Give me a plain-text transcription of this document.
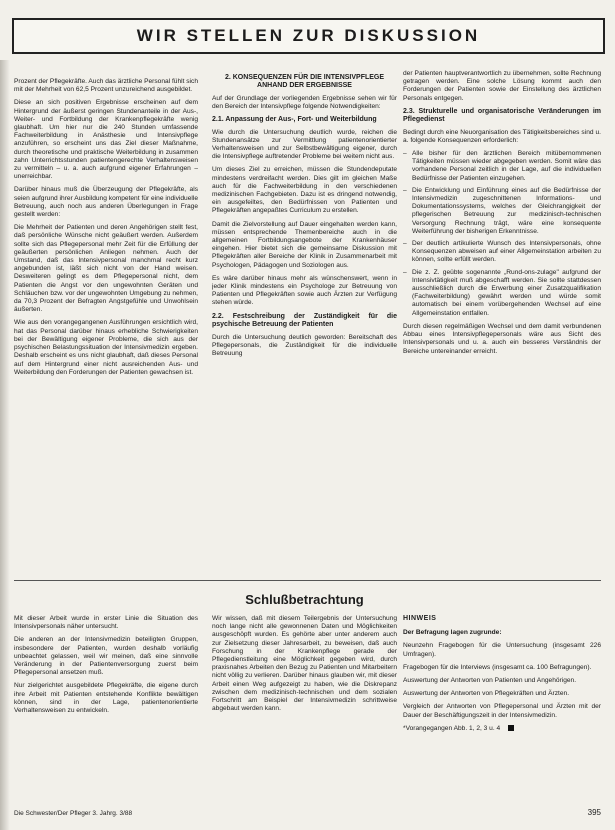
WIR STELLEN ZUR DISKUSSION

Prozent der Pflegekräfte. Auch das ärztliche Personal fühlt sich mit der Mehrheit von 62,5 Prozent unzureichend ausgebildet.

Diese an sich positiven Ergebnisse erscheinen auf dem Hintergrund der äußerst geringen Stundenanteile in der Aus-, Weiter- und Fortbildung der Krankenpflegekräfte wenig glaubhaft. Um hier nur die 240 Stunden umfassende Fachweiterbildung in Anästhesie und Intensivpflege anzuführen, so erscheint uns das Ziel dieser Maßnahme, durch theoretische und praktische Weiterbildung in zusammen zahn Unterrichtsstunden patientengerechte Verhaltensweisen zu vermitteln – u. a. auch aufgrund eigener Erfahrungen – unerreichbar.

Darüber hinaus muß die Überzeugung der Pflegekräfte, als seien aufgrund ihrer Ausbildung kompetent für eine individuelle Betreuung, auch noch aus anderen Überlegungen in Frage gestellt werden:

Die Mehrheit der Patienten und deren Angehörigen stellt fest, daß persönliche Wünsche nicht geäußert werden. Außerdem sollte sich das Pflegepersonal mehr Zeit für die Erfüllung der geäußerten persönlichen Anliegen nehmen. Auch der Umstand, daß das Intensivpersonal manchmal recht kurz angebunden ist, läßt sich nicht von der Hand weisen. Desweiteren gelingt es dem Pflegepersonal nicht, dem Patienten die Angst vor den ungewohnten Geräten und Schläuchen bzw. vor der ungewohnten Umgebung zu nehmen, da 70,3 Prozent der Befragten Angstgefühle und Unwohlsein äußerten.

Wie aus den vorangegangenen Ausführungen ersichtlich wird, hat das Personal darüber hinaus erhebliche Schwierigkeiten bei der Bewältigung eigener Probleme, die sich aus der psychischen Belastungssituation der Intensivmedizin ergeben. Deshalb erscheint es uns nicht glaubhaft, daß dieses Personal auf dem Hintergrund einer nicht ausreichenden Aus- und Weiterbildung den Forderungen der Patienten gewachsen ist.

2. KONSEQUENZEN FÜR DIE INTENSIVPFLEGE ANHAND DER ERGEBNISSE

Auf der Grundlage der vorliegenden Ergebnisse sehen wir für den Bereich der Intensivpflege folgende Notwendigkeiten:

2.1. Anpassung der Aus-, Fort- und Weiterbildung

Wie durch die Untersuchung deutlich wurde, reichen die Stundenansätze zur Vermittlung patientenorientierter Verhaltensweisen und zur Selbstbewältigung eigener, durch die Intensivpflege auftretender Probleme bei weitem nicht aus.

Um dieses Ziel zu erreichen, müssen die Stundendeputate mindestens verdreifacht werden. Dies gilt im gleichen Maße auch für die Fachweiterbildung in den verschiedenen medizinischen Fachgebieten. Dazu ist es dringend notwendig, ein ausgefeiltes, den Bedürfnissen von Patienten und Pflegekräften angepaßtes Curriculum zu erstellen.

Damit die Zielvorstellung auf Dauer eingehalten werden kann, müssen entsprechende Themenbereiche auch in die allgemeinen Fortbildungsangebote der Krankenhäuser eingehen. Hier bietet sich die gemeinsame Diskussion mit Pflegekräften aller Bereiche der Klinik in Zusammenarbeit mit Psychologen, Pädagogen und Soziologen aus.

Es wäre darüber hinaus mehr als wünschenswert, wenn in jeder Klinik mindestens ein Psychologe zur Betreuung von Patienten und Pflegekräften sowie auch Ärzten zur Verfügung stehen würde.

2.2. Festschreibung der Zuständigkeit für die psychische Betreuung der Patienten

Durch die Untersuchung deutlich geworden: Bereitschaft des Pflegepersonals, die Zuständigkeit für die individuelle Betreuung

der Patienten hauptverantwortlich zu übernehmen, sollte Rechnung getragen werden. Eine solche Lösung kommt auch den Forderungen der Patienten sowie der Einstellung des ärztlichen Personals entgegen.

2.3. Strukturelle und organisatorische Veränderungen im Pflegedienst

Bedingt durch eine Neuorganisation des Tätigkeitsbereiches sind u. a. folgende Konsequenzen erforderlich:

– Alle bisher für den ärztlichen Bereich mitübernommenen Tätigkeiten müssen wieder abgegeben werden. Somit wäre das vorhandene Personal zeitlich in der Lage, auf die individuellen Bedürfnisse der Patienten einzugehen.
– Die Entwicklung und Einführung eines auf die Bedürfnisse der Intensivmedizin zugeschnittenen Informations- und Dokumentationssystems, welches der Gleichrangigkeit der pflegerischen Betreuung zur medizinisch-technischen Versorgung Rechnung trägt, wäre eine konsequente Weiterführung der bisherigen Erkenntnisse.
– Der deutlich artikulierte Wunsch des Intensivpersonals, ohne Konsequenzen abweisen auf einer Allgemeinstation arbeiten zu können, sollte erfüllt werden.
– Die z. Z. geübte sogenannte „Rund-ons-zulage" aufgrund der Intensivtätigkeit muß abgeschafft werden. Sie sollte stattdessen ausschließlich durch die Erwerbung einer Zusatzqualifikation (Fachweiterbildung) gewährt werden und würde somit automatisch bei einem vorübergehenden Wechsel auf eine Allgemeinstation entfallen.

Durch diesen regelmäßigen Wechsel und dem damit verbundenen Abbau eines Intensivpflegepersonals wäre aus Sicht des Intensivpersonals und u. a. auch ein besseres Verständnis der Bereiche untereinander erreicht.

Schlußbetrachtung

Mit dieser Arbeit wurde in erster Linie die Situation des Intensivpersonals näher untersucht.

Die anderen an der Intensivmedizin beteiligten Gruppen, insbesondere der Patienten, wurden deshalb vorläufig unbeachtet gelassen, weil wir meinen, daß eine sinnvolle Veränderung in der Patientenversorgung zuerst beim Pflegepersonal ansetzen muß.

Nur zielgerichtet ausgebildete Pflegekräfte, die eigene durch ihre Arbeit mit Patienten entstehende Konflikte bewältigen können, sind in der Lage, patientenorientierte Verhaltensweisen zu entwickeln.

Wir wissen, daß mit diesem Teilergebnis der Untersuchung noch lange nicht alle gewonnenen Daten und Möglichkeiten ausgeschöpft wurden. Es gehörte aber unter anderem auch zur Zielsetzung dieser Jahresarbeit, zu beweisen, daß auch Forschung in der Krankenpflege gerade der Pflegedienstleitung eine Möglichkeit gegeben wird, durch praxisnahes Arbeiten den Bezug zu Patienten und Mitarbeitern nicht völlig zu verlieren. Darüber hinaus glauben wir, mit dieser Arbeit einen Weg aufgezeigt zu haben, wie die Diskrepanz zwischen dem medizinisch-technischen und dem sozialen Fortschritt am Beispiel der Intensivmedizin schrittweise abgebaut werden kann.

HINWEIS

Der Befragung lagen zugrunde:

Neunzehn Fragebogen für die Untersuchung (insgesamt 226 Umfragen).

Fragebogen für die Interviews (insgesamt ca. 100 Befragungen).

Auswertung der Antworten von Patienten und Angehörigen.

Auswertung der Antworten von Pflegekräften und Ärzten.

Vergleich der Antworten von Pflegepersonal und Ärzten mit der Dauer der Beschäftigungszeit in der Intensivmedizin.

*Vorangegangen Abb. 1, 2, 3 u. 4

Die Schwester/Der Pfleger 3. Jahrg. 3/88	395
